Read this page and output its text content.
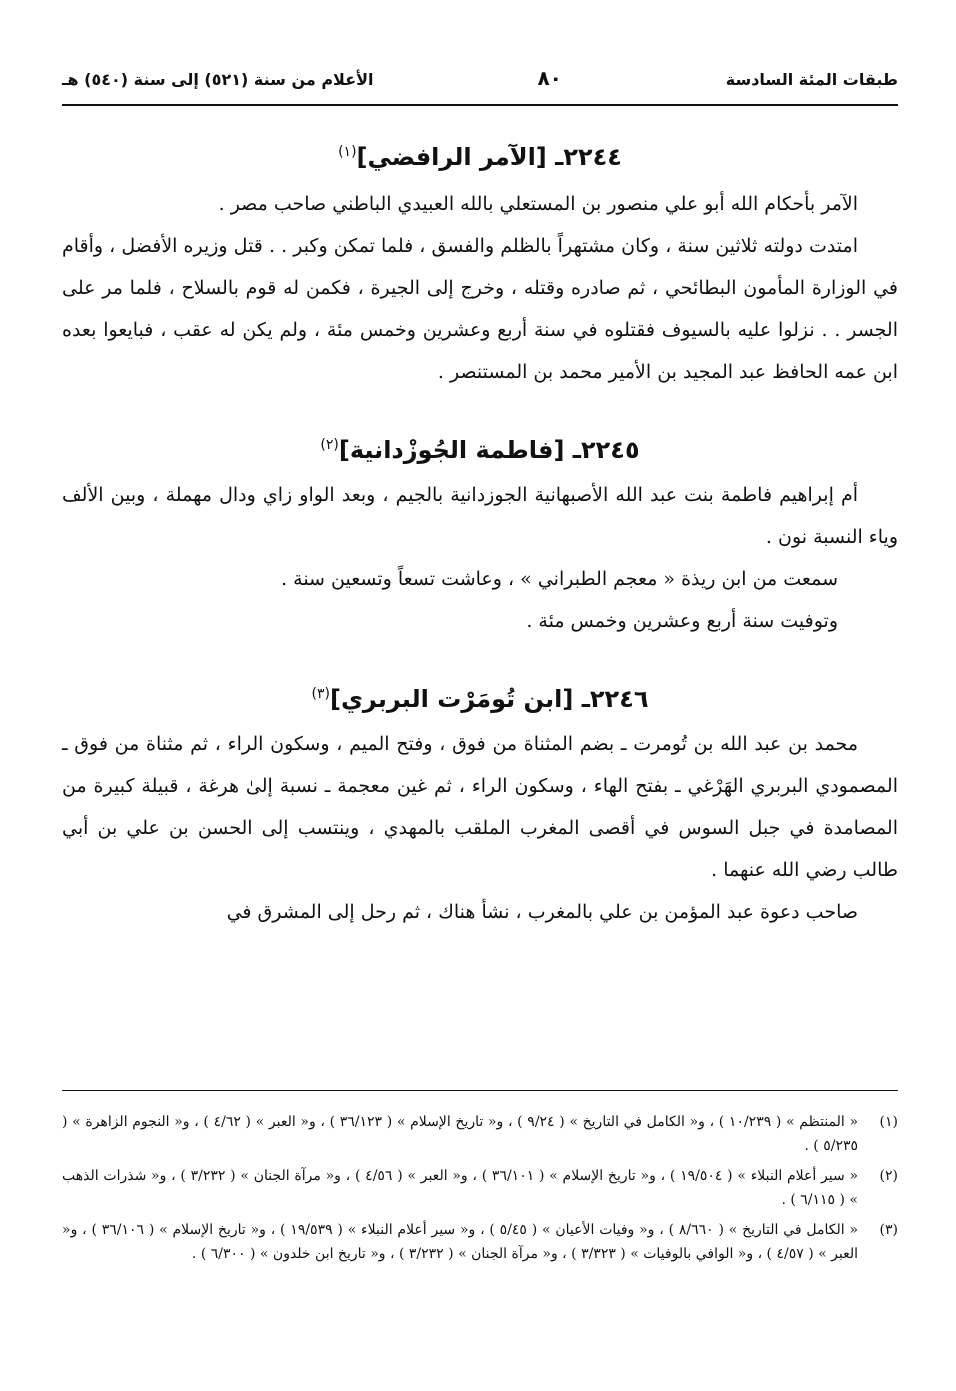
طبقات المئة السادسة
٨٠
الأعلام من سنة (٥٢١) إلى سنة (٥٤٠) هـ
٢٢٤٤ـ [الآمر الرافضي]$^{(١)}$

الآمر بأحكام الله أبو علي منصور بن المستعلي بالله العبيدي الباطني صاحب مصر .

امتدت دولته ثلاثين سنة ، وكان مشتهراً بالظلم والفسق ، فلما تمكن وكبر . . قتل وزيره الأفضل ، وأقام في الوزارة المأمون البطائحي ، ثم صادره وقتله ، وخرج إلى الجيرة ، فكمن له قوم بالسلاح ، فلما مر على الجسر . . نزلوا عليه بالسيوف فقتلوه في سنة أربع وعشرين وخمس مئة ، ولم يكن له عقب ، فبايعوا بعده ابن عمه الحافظ عبد المجيد بن الأمير محمد بن المستنصر .

٢٢٤٥ـ [فاطمة الجُوزْدانية]$^{(٢)}$

أم إبراهيم فاطمة بنت عبد الله الأصبهانية الجوزدانية بالجيم ، وبعد الواو زاي ودال مهملة ، وبين الألف وياء النسبة نون .

سمعت من ابن ريذة « معجم الطبراني » ، وعاشت تسعاً وتسعين سنة .

وتوفيت سنة أربع وعشرين وخمس مئة .

٢٢٤٦ـ [ابن تُومَرْت البربري]$^{(٣)}$

محمد بن عبد الله بن تُومرت ـ بضم المثناة من فوق ، وفتح الميم ، وسكون الراء ، ثم مثناة من فوق ـ المصمودي البربري الهَرْغي ـ بفتح الهاء ، وسكون الراء ، ثم غين معجمة ـ نسبة إلىٰ هرغة ، قبيلة كبيرة من المصامدة في جبل السوس في أقصى المغرب الملقب بالمهدي ، وينتسب إلى الحسن بن علي بن أبي طالب رضي الله عنهما .

صاحب دعوة عبد المؤمن بن علي بالمغرب ، نشأ هناك ، ثم رحل إلى المشرق في

(١)
« المنتظم » ( ١٠/٢٣٩ ) ، و« الكامل في التاريخ » ( ٩/٢٤ ) ، و« تاريخ الإسلام » ( ٣٦/١٢٣ ) ، و« العبر » ( ٤/٦٢ ) ، و« النجوم الزاهرة » ( ٥/٢٣٥ ) .
(٢)
« سير أعلام النبلاء » ( ١٩/٥٠٤ ) ، و« تاريخ الإسلام » ( ٣٦/١٠١ ) ، و« العبر » ( ٤/٥٦ ) ، و« مرآة الجنان » ( ٣/٢٣٢ ) ، و« شذرات الذهب » ( ٦/١١٥ ) .
(٣)
« الكامل في التاريخ » ( ٨/٦٦٠ ) ، و« وفيات الأعيان » ( ٥/٤٥ ) ، و« سير أعلام النبلاء » ( ١٩/٥٣٩ ) ، و« تاريخ الإسلام » ( ٣٦/١٠٦ ) ، و« العبر » ( ٤/٥٧ ) ، و« الوافي بالوفيات » ( ٣/٣٢٣ ) ، و« مرآة الجنان » ( ٣/٢٣٢ ) ، و« تاريخ ابن خلدون » ( ٦/٣٠٠ ) .
